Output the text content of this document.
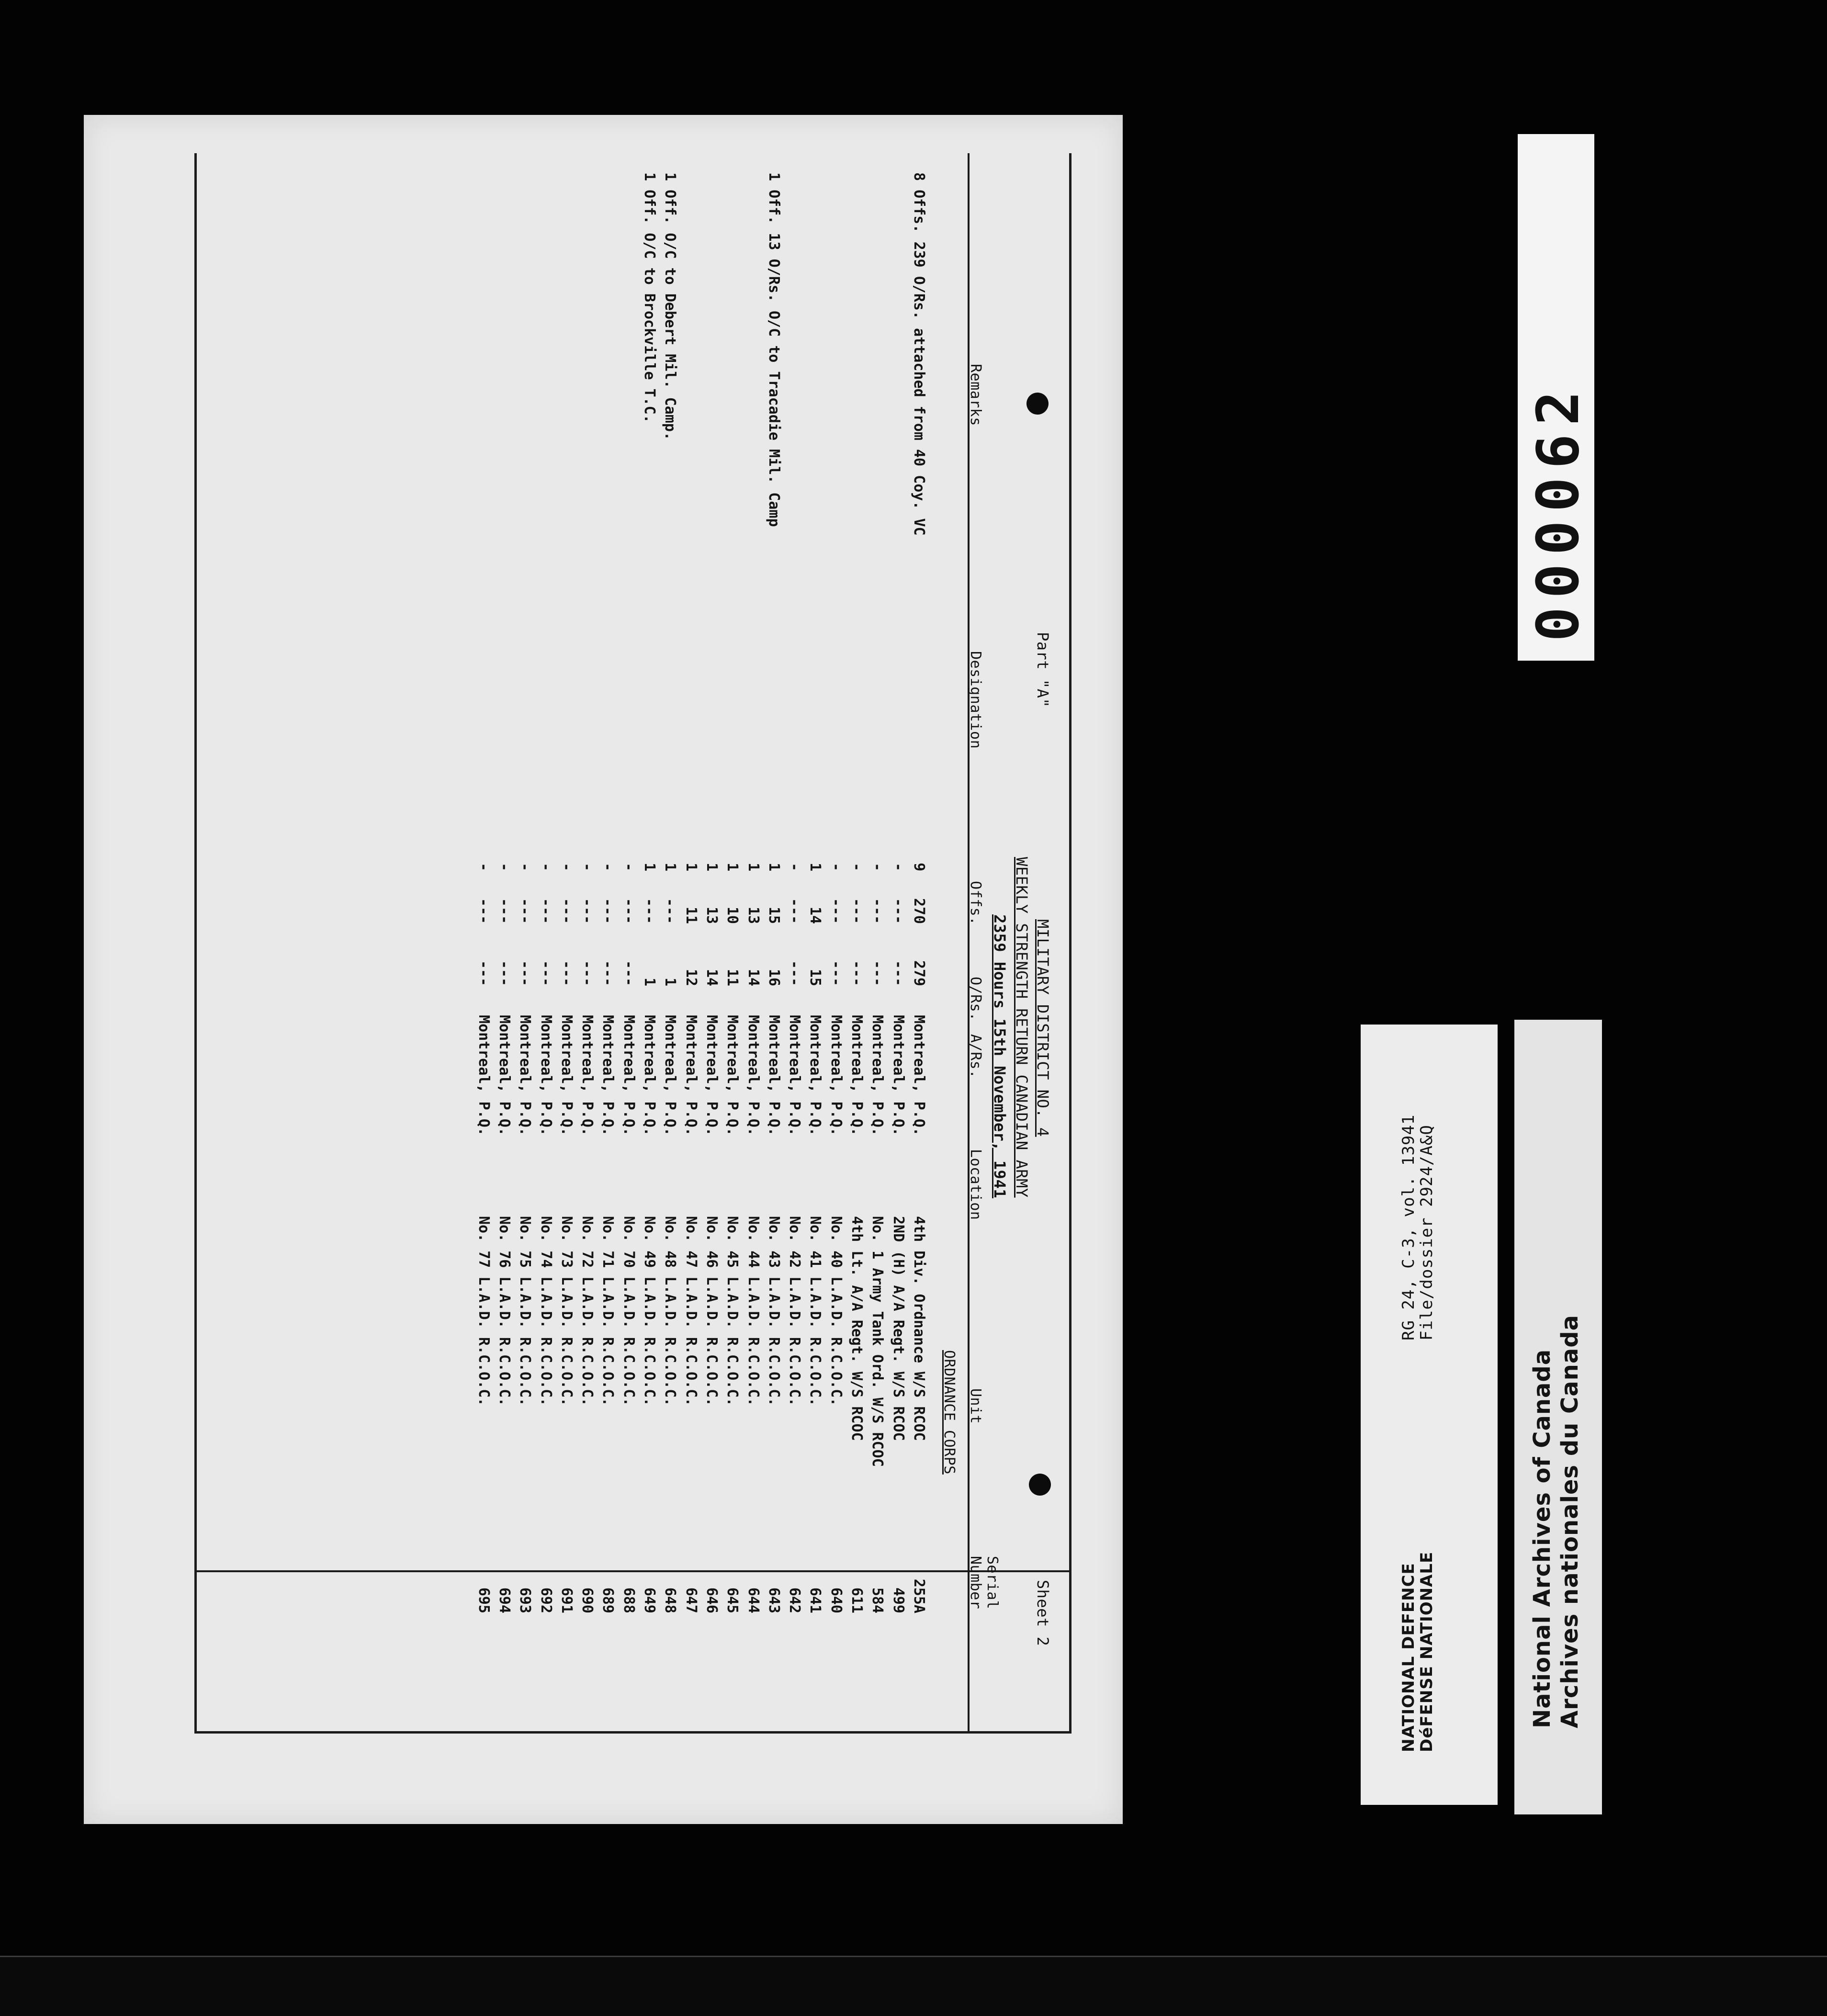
Sheet 2
Part "A"
MILITARY DISTRICT NO. 4
WEEKLY STRENGTH RETURN CANADIAN ARMY
2359 Hours 15th November, 1941
Serial
Number
Unit
Location
Offs.
O/Rs.
A/Rs.
Designation
Remarks
ORDNANCE CORPS
255A
4th Div. Ordnance W/S RCOC
Montreal, P.Q.
9
270
279
8 Offs. 239 O/Rs. attached from 40 Coy. VC
499
2ND (H) A/A Regt. W/S RCOC
Montreal, P.Q.
-
---
---
584
No. 1 Army Tank Ord. W/S RCOC
Montreal, P.Q.
-
---
---
611
4th Lt. A/A Regt. W/S RCOC
Montreal, P.Q.
-
---
---
640
No. 40 L.A.D. R.C.O.C.
Montreal, P.Q.
-
---
---
641
No. 41 L.A.D. R.C.O.C.
Montreal, P.Q.
1
14
15
642
No. 42 L.A.D. R.C.O.C.
Montreal, P.Q.
-
---
---
643
No. 43 L.A.D. R.C.O.C.
Montreal, P.Q.
1
15
16
1 Off. 13 O/Rs. O/C to Tracadie Mil. Camp
644
No. 44 L.A.D. R.C.O.C.
Montreal, P.Q.
1
13
14
645
No. 45 L.A.D. R.C.O.C.
Montreal, P.Q.
1
10
11
646
No. 46 L.A.D. R.C.O.C.
Montreal, P.Q.
1
13
14
647
No. 47 L.A.D. R.C.O.C.
Montreal, P.Q.
1
11
12
648
No. 48 L.A.D. R.C.O.C.
Montreal, P.Q.
1
---
1
1 Off. O/C to Debert Mil. Camp.
649
No. 49 L.A.D. R.C.O.C.
Montreal, P.Q.
1
---
1
1 Off. O/C to Brockville T.C.
688
No. 70 L.A.D. R.C.O.C.
Montreal, P.Q.
-
---
---
689
No. 71 L.A.D. R.C.O.C.
Montreal, P.Q.
-
---
---
690
No. 72 L.A.D. R.C.O.C.
Montreal, P.Q.
-
---
---
691
No. 73 L.A.D. R.C.O.C.
Montreal, P.Q.
-
---
---
692
No. 74 L.A.D. R.C.O.C.
Montreal, P.Q.
-
---
---
693
No. 75 L.A.D. R.C.O.C.
Montreal, P.Q.
-
---
---
694
No. 76 L.A.D. R.C.O.C.
Montreal, P.Q.
-
---
---
695
No. 77 L.A.D. R.C.O.C.
Montreal, P.Q.
-
---
---
000062
NATIONAL DEFENCE
DéFENSE NATIONALE
RG 24, C-3, vol. 13941
File/dossier 2924/A&Q
National Archives of Canada Archives nationales du Canada
